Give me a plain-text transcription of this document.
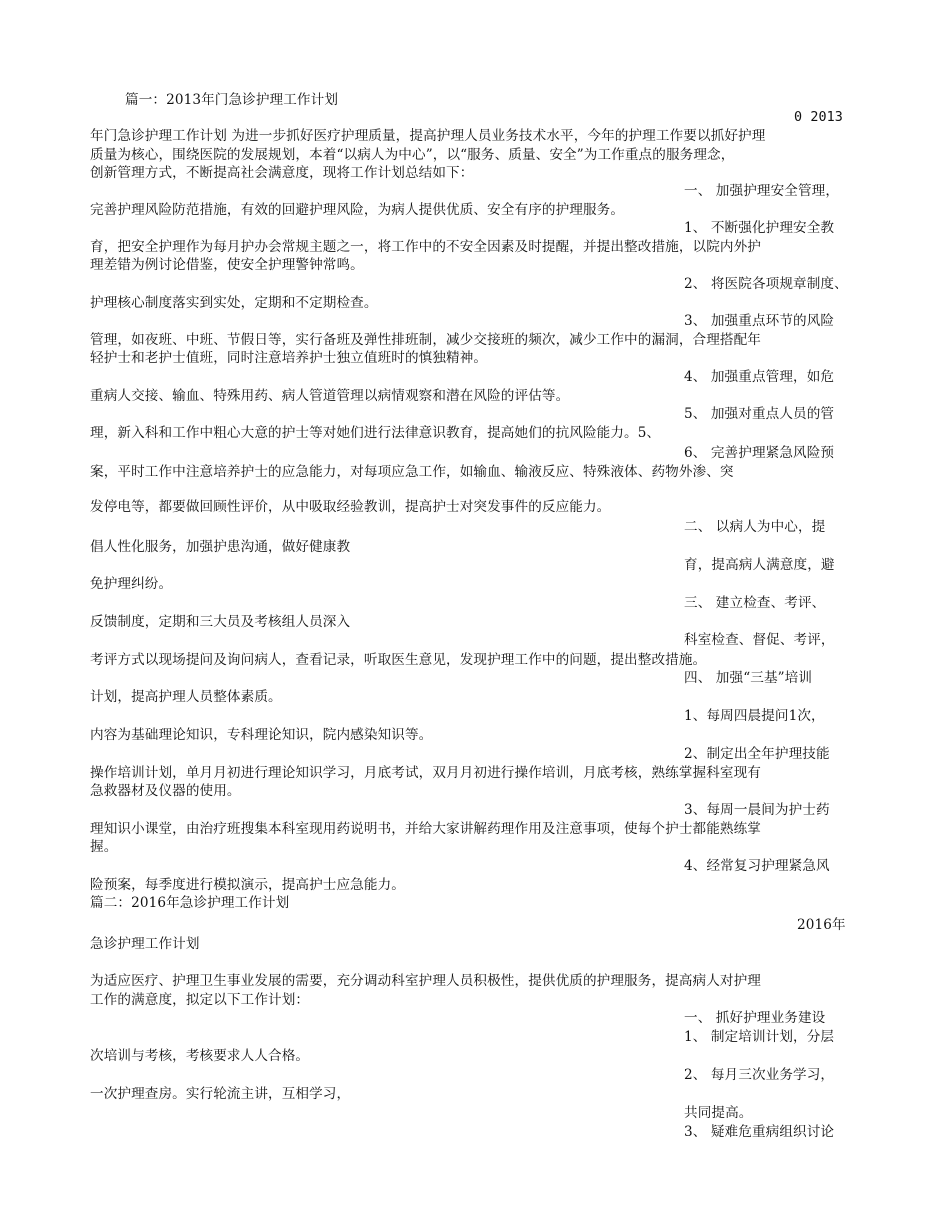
篇一：2013年门急诊护理工作计划
0 2013
年门急诊护理工作计划 为进一步抓好医疗护理质量，提高护理人员业务技术水平，今年的护理工作要以抓好护理
质量为核心，围绕医院的发展规划，本着“以病人为中心”，以“服务、质量、安全”为工作重点的服务理念，
创新管理方式，不断提高社会满意度，现将工作计划总结如下：
一、 加强护理安全管理，
完善护理风险防范措施，有效的回避护理风险，为病人提供优质、安全有序的护理服务。
1、 不断强化护理安全教
育，把安全护理作为每月护办会常规主题之一，将工作中的不安全因素及时提醒，并提出整改措施，以院内外护
理差错为例讨论借鉴，使安全护理警钟常鸣。
2、 将医院各项规章制度、
护理核心制度落实到实处，定期和不定期检查。
3、 加强重点环节的风险
管理，如夜班、中班、节假日等，实行备班及弹性排班制，减少交接班的频次，减少工作中的漏洞，合理搭配年
轻护士和老护士值班，同时注意培养护士独立值班时的慎独精神。
4、 加强重点管理，如危
重病人交接、输血、特殊用药、病人管道管理以病情观察和潜在风险的评估等。
5、 加强对重点人员的管
理，新入科和工作中粗心大意的护士等对她们进行法律意识教育，提高她们的抗风险能力。5、
6、 完善护理紧急风险预
案，平时工作中注意培养护士的应急能力，对每项应急工作，如输血、输液反应、特殊液体、药物外渗、突
发停电等，都要做回顾性评价，从中吸取经验教训，提高护士对突发事件的反应能力。
二、 以病人为中心，提
倡人性化服务，加强护患沟通，做好健康教
育，提高病人满意度，避
免护理纠纷。
三、 建立检查、考评、
反馈制度，定期和三大员及考核组人员深入
科室检查、督促、考评，
考评方式以现场提问及询问病人，查看记录，听取医生意见，发现护理工作中的问题，提出整改措施。
四、 加强“三基”培训
计划，提高护理人员整体素质。
1、每周四晨提问1次，
内容为基础理论知识，专科理论知识，院内感染知识等。
2、制定出全年护理技能
操作培训计划，单月月初进行理论知识学习，月底考试，双月月初进行操作培训，月底考核，熟练掌握科室现有
急救器材及仪器的使用。
3、每周一晨间为护士药
理知识小课堂，由治疗班搜集本科室现用药说明书，并给大家讲解药理作用及注意事项，使每个护士都能熟练掌
握。
4、经常复习护理紧急风
险预案，每季度进行模拟演示，提高护士应急能力。
篇二：2016年急诊护理工作计划
2016年
急诊护理工作计划
为适应医疗、护理卫生事业发展的需要，充分调动科室护理人员积极性，提供优质的护理服务，提高病人对护理
工作的满意度，拟定以下工作计划：
一、 抓好护理业务建设
1、 制定培训计划，分层
次培训与考核，考核要求人人合格。
2、 每月三次业务学习，
一次护理查房。实行轮流主讲，互相学习，
共同提高。
3、 疑难危重病组织讨论
